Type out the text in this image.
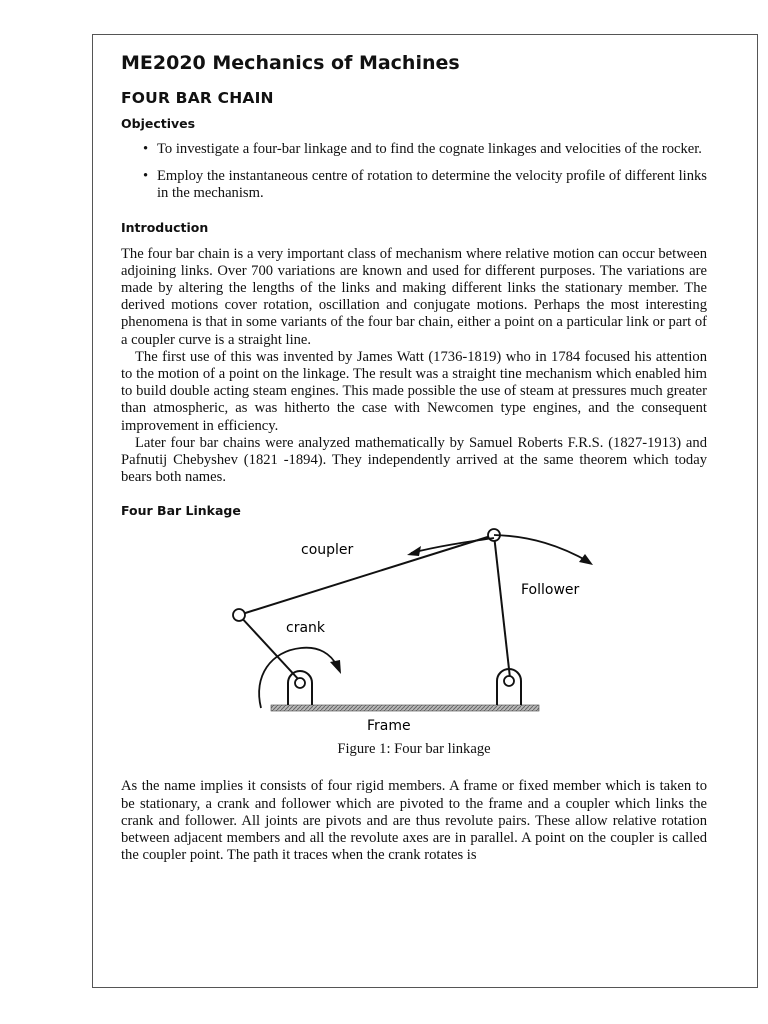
ME2020 Mechanics of Machines
FOUR BAR CHAIN
Objectives
• To investigate a four-bar linkage and to find the cognate linkages and velocities of the rocker.
• Employ the instantaneous centre of rotation to determine the velocity profile of different links in the mechanism.
Introduction

The four bar chain is a very important class of mechanism where relative motion can occur between adjoining links. Over 700 variations are known and used for different purposes. The variations are made by altering the lengths of the links and making different links the stationary member. The derived motions cover rotation, oscillation and conjugate motions. Perhaps the most interesting phenomena is that in some variants of the four bar chain, either a point on a particular link or part of a coupler curve is a straight line.

The first use of this was invented by James Watt (1736-1819) who in 1784 focused his attention to the motion of a point on the linkage. The result was a straight tine mechanism which enabled him to build double acting steam engines. This made possible the use of steam at pressures much greater than atmospheric, as was hitherto the case with Newcomen type engines, and the consequent improvement in efficiency.

Later four bar chains were analyzed mathematically by Samuel Roberts F.R.S. (1827-1913) and Pafnutij Chebyshev (1821 -1894). They independently arrived at the same theorem which today bears both names.

Four Bar Linkage
coupler
Follower
crank
Frame
Figure 1: Four bar linkage

As the name implies it consists of four rigid members. A frame or fixed member which is taken to be stationary, a crank and follower which are pivoted to the frame and a coupler which links the crank and follower. All joints are pivots and are thus revolute pairs. These allow relative rotation between adjacent members and all the revolute axes are in parallel. A point on the coupler is called the coupler point. The path it traces when the crank rotates is
